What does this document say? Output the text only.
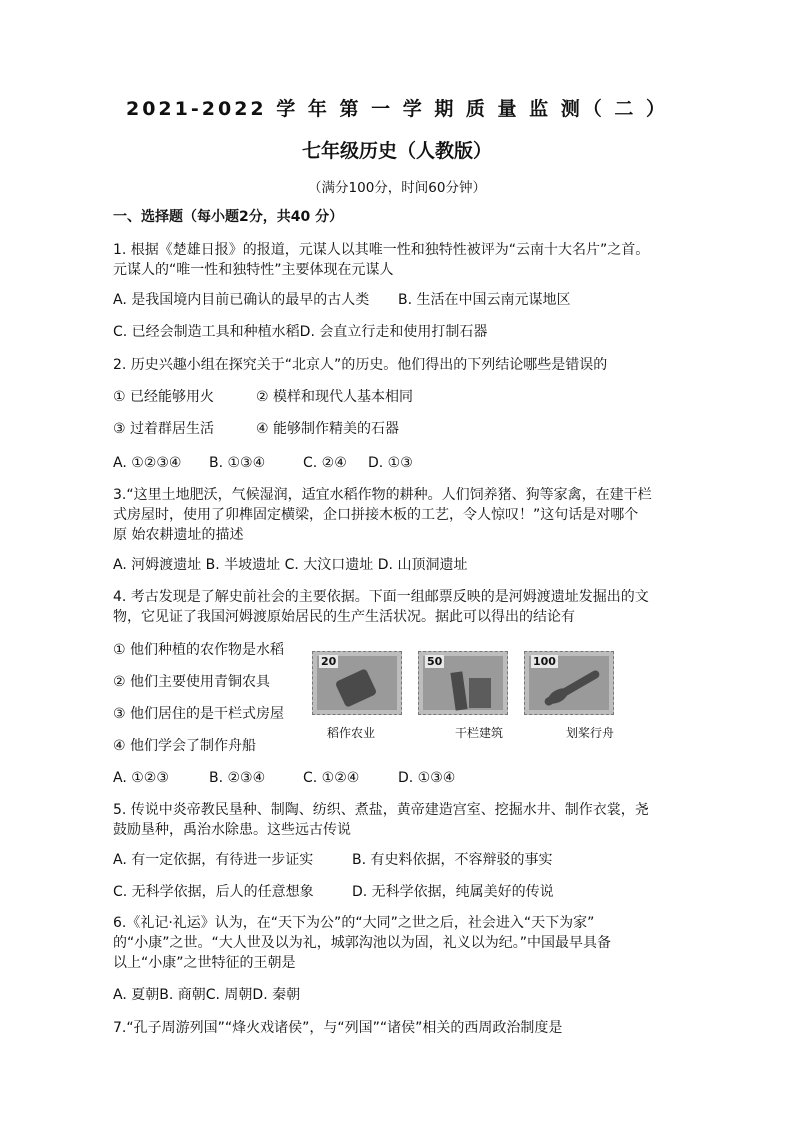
2021-2022 学 年 第 一 学 期 质 量 监 测（ 二 ）
七年级历史（人教版）
（满分100分，时间60分钟）
一、选择题（每小题2分，共40 分）
1. 根据《楚雄日报》的报道，元谋人以其唯一性和独特性被评为“云南十大名片”之首。
元谋人的“唯一性和独特性”主要体现在元谋人
A. 是我国境内目前已确认的最早的古人类 B. 生活在中国云南元谋地区
C. 已经会制造工具和种植水稻D. 会直立行走和使用打制石器
2. 历史兴趣小组在探究关于“北京人”的历史。他们得出的下列结论哪些是错误的
① 已经能够用火	② 模样和现代人基本相同
③ 过着群居生活	④ 能够制作精美的石器
A. ①②③④ B. ①③④	C. ②④ D. ①③
3.“这里土地肥沃，气候湿润，适宜水稻作物的耕种。人们饲养猪、狗等家禽，在建干栏
式房屋时，使用了卯榫固定横梁，企口拼接木板的工艺，令人惊叹！”这句话是对哪个
原 始农耕遗址的描述
A. 河姆渡遗址 B. 半坡遗址 C. 大汶口遗址 D. 山顶洞遗址
4. 考古发现是了解史前社会的主要依据。下面一组邮票反映的是河姆渡遗址发掘出的文
物，它见证了我国河姆渡原始居民的生产生活状况。据此可以得出的结论有
① 他们种植的农作物是水稻
② 他们主要使用青铜农具
③ 他们居住的是干栏式房屋
④ 他们学会了制作舟船
20	50	100
稻作农业	干栏建筑	划桨行舟
A. ①②③	B. ②③④	C. ①②④	D. ①③④
5. 传说中炎帝教民垦种、制陶、纺织、煮盐，黄帝建造宫室、挖掘水井、制作衣裳，尧
鼓励垦种，禹治水除患。这些远古传说
A. 有一定依据，有待进一步证实	B. 有史料依据，不容辩驳的事实
C. 无科学依据，后人的任意想象	D. 无科学依据，纯属美好的传说
6.《礼记·礼运》认为，在“天下为公”的“大同”之世之后，社会进入“天下为家”
的“小康”之世。“大人世及以为礼，城郭沟池以为固，礼义以为纪。”中国最早具备
以上“小康”之世特征的王朝是
A. 夏朝B. 商朝C. 周朝D. 秦朝
7.“孔子周游列国”“烽火戏诸侯”，与“列国”“诸侯”相关的西周政治制度是
